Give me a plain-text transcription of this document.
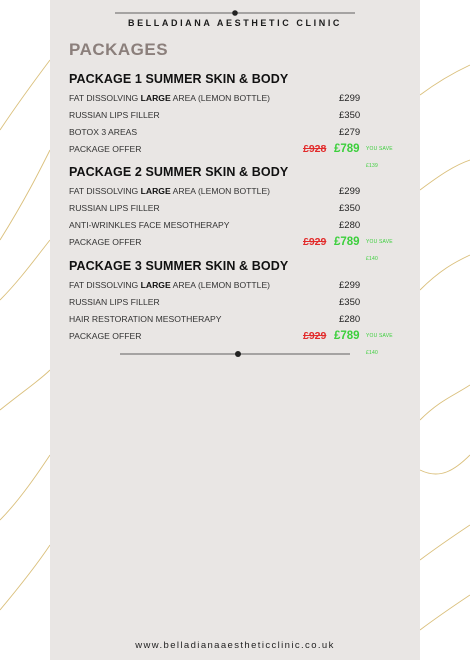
BELLADIANA AESTHETIC CLINIC
PACKAGES
PACKAGE 1 SUMMER SKIN & BODY
FAT DISSOLVING LARGE AREA (LEMON BOTTLE)	£299
RUSSIAN LIPS FILLER	£350
BOTOX 3 AREAS	£279
PACKAGE OFFER	£928 £789 YOU SAVE £139
PACKAGE 2 SUMMER SKIN & BODY
FAT DISSOLVING LARGE AREA (LEMON BOTTLE)	£299
RUSSIAN LIPS FILLER	£350
ANTI-WRINKLES FACE MESOTHERAPY	£280
PACKAGE OFFER	£929 £789 YOU SAVE £140
PACKAGE 3 SUMMER SKIN & BODY
FAT DISSOLVING LARGE AREA (LEMON BOTTLE)	£299
RUSSIAN LIPS FILLER	£350
HAIR RESTORATION MESOTHERAPY	£280
PACKAGE OFFER	£929 £789 YOU SAVE £140
www.belladianaaestheticclinic.co.uk
